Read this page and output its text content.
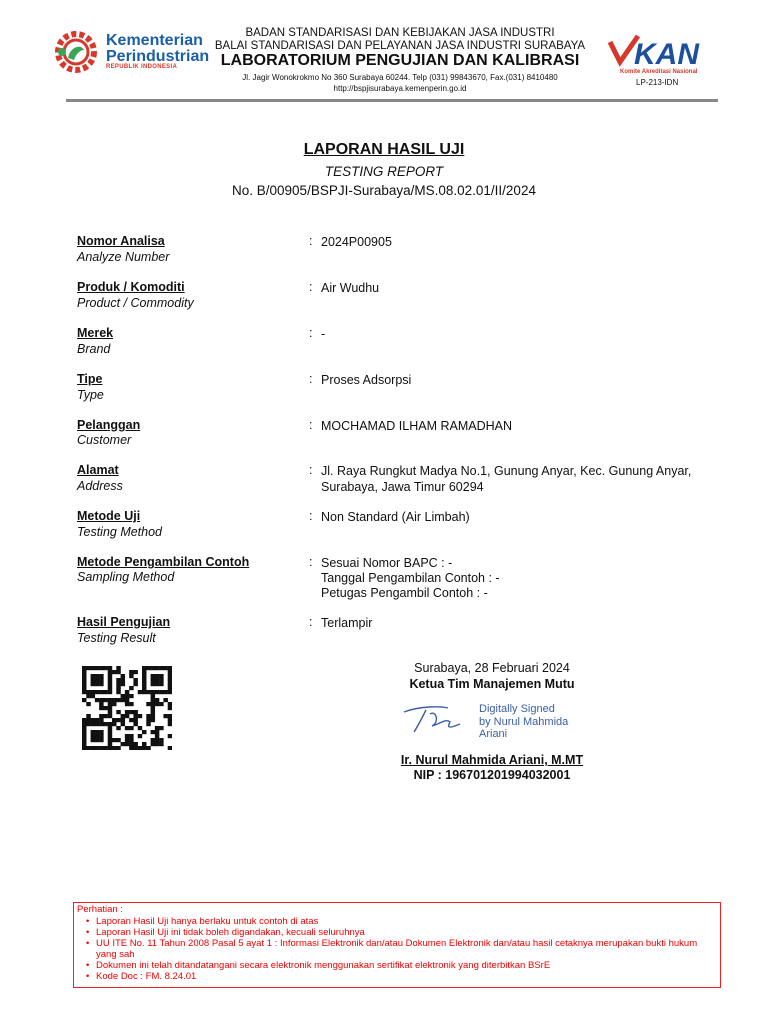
Kementerian
Perindustrian
REPUBLIK INDONESIA
BADAN STANDARISASI DAN KEBIJAKAN JASA INDUSTRI
BALAI STANDARISASI DAN PELAYANAN JASA INDUSTRI SURABAYA
LABORATORIUM PENGUJIAN DAN KALIBRASI
Jl. Jagir Wonokrokmo No 360 Surabaya 60244. Telp (031) 99843670, Fax.(031) 8410480
http://bspjisurabaya.kemenperin.go.id
KAN
Komite Akreditasi Nasional
LP-213-IDN
LAPORAN HASIL UJI
TESTING REPORT
No. B/00905/BSPJI-Surabaya/MS.08.02.01/II/2024
Nomor Analisa
Analyze Number
: 2024P00905
Produk / Komoditi
Product / Commodity
: Air Wudhu
Merek
Brand
: -
Tipe
Type
: Proses Adsorpsi
Pelanggan
Customer
: MOCHAMAD ILHAM RAMADHAN
Alamat
Address
: Jl. Raya Rungkut Madya No.1, Gunung Anyar, Kec. Gunung Anyar,
Surabaya, Jawa Timur 60294
Metode Uji
Testing Method
: Non Standard (Air Limbah)
Metode Pengambilan Contoh
Sampling Method
: Sesuai Nomor BAPC : -
Tanggal Pengambilan Contoh : -
Petugas Pengambil Contoh : -
Hasil Pengujian
Testing Result
: Terlampir
Surabaya, 28 Februari 2024
Ketua Tim Manajemen Mutu
Digitally Signed
by Nurul Mahmida
Ariani
Ir. Nurul Mahmida Ariani, M.MT
NIP : 196701201994032001
Perhatian :
• Laporan Hasil Uji hanya berlaku untuk contoh di atas
• Laporan Hasil Uji ini tidak boleh digandakan, kecuali seluruhnya
• UU ITE No. 11 Tahun 2008 Pasal 5 ayat 1 : Informasi Elektronik dan/atau Dokumen Elektronik dan/atau hasil cetaknya merupakan bukti hukum yang sah
• Dokumen ini telah ditandatangani secara elektronik menggunakan sertifikat elektronik yang diterbitkan BSrE
• Kode Doc : FM. 8.24.01
